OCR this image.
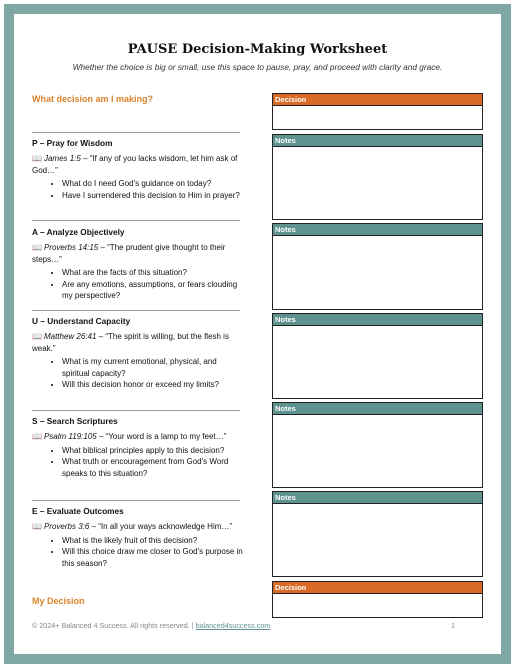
PAUSE Decision-Making Worksheet
Whether the choice is big or small, use this space to pause, pray, and proceed with clarity and grace.
What decision am I making?
P – Pray for Wisdom
📖 James 1:5 – “If any of you lacks wisdom, let him ask of God…”
• What do I need God's guidance on today?
• Have I surrendered this decision to Him in prayer?
A – Analyze Objectively
📖 Proverbs 14:15 – “The prudent give thought to their steps…”
• What are the facts of this situation?
• Are any emotions, assumptions, or fears clouding my perspective?
U – Understand Capacity
📖 Matthew 26:41 – “The spirit is willing, but the flesh is weak.”
• What is my current emotional, physical, and spiritual capacity?
• Will this decision honor or exceed my limits?
S – Search Scriptures
📖 Psalm 119:105 – “Your word is a lamp to my feet…”
• What biblical principles apply to this decision?
• What truth or encouragement from God's Word speaks to this situation?
E – Evaluate Outcomes
📖 Proverbs 3:6 – “In all your ways acknowledge Him…”
• What is the likely fruit of this decision?
• Will this choice draw me closer to God's purpose in this season?
My Decision
Decision
Notes
Notes
Notes
Notes
Notes
Decision
© 2024+ Balanced 4 Success. All rights reserved. | balanced4success.com	1
